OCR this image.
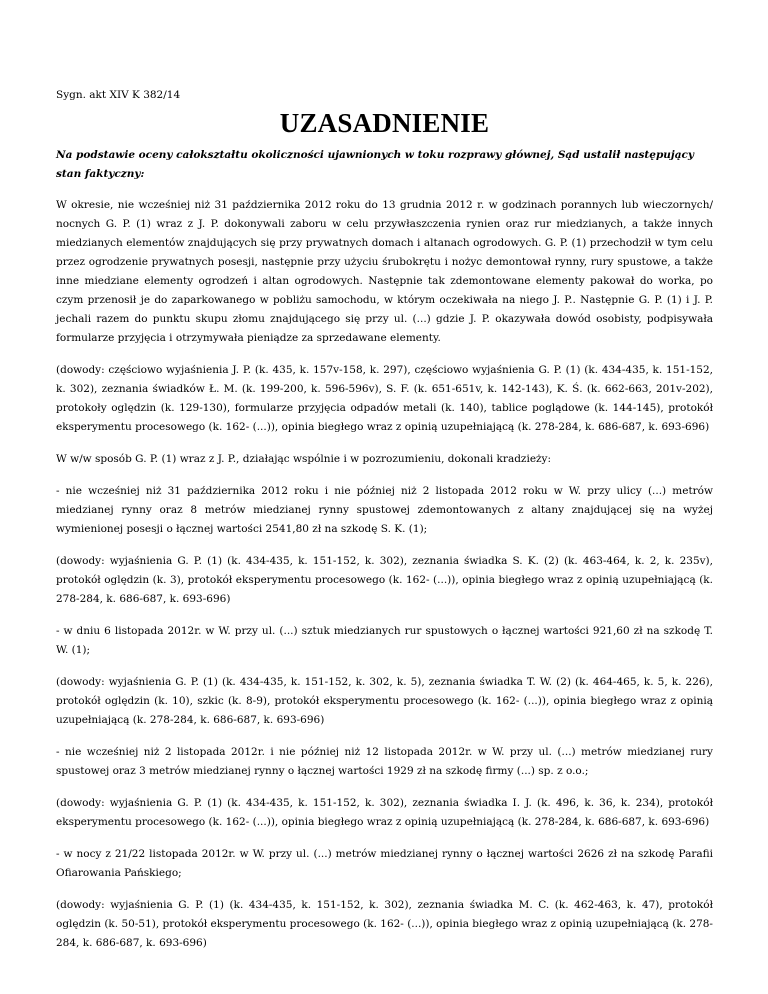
Sygn. akt XIV K 382/14

UZASADNIENIE

Na podstawie oceny całokształtu okoliczności ujawnionych w toku rozprawy głównej, Sąd ustalił następujący stan faktyczny:

W okresie, nie wcześniej niż 31 października 2012 roku do 13 grudnia 2012 r. w godzinach porannych lub wieczornych/ nocnych G. P. (1) wraz z J. P. dokonywali zaboru w celu przywłaszczenia rynien oraz rur miedzianych, a także innych miedzianych elementów znajdujących się przy prywatnych domach i altanach ogrodowych. G. P. (1) przechodził w tym celu przez ogrodzenie prywatnych posesji, następnie przy użyciu śrubokrętu i nożyc demontował rynny, rury spustowe, a także inne miedziane elementy ogrodzeń i altan ogrodowych. Następnie tak zdemontowane elementy pakował do worka, po czym przenosił je do zaparkowanego w pobliżu samochodu, w którym oczekiwała na niego J. P.. Następnie G. P. (1) i J. P. jechali razem do punktu skupu złomu znajdującego się przy ul. (...) gdzie J. P. okazywała dowód osobisty, podpisywała formularze przyjęcia i otrzymywała pieniądze za sprzedawane elementy.

(dowody: częściowo wyjaśnienia J. P. (k. 435, k. 157v-158, k. 297), częściowo wyjaśnienia G. P. (1) (k. 434-435, k. 151-152, k. 302), zeznania świadków Ł. M. (k. 199-200, k. 596-596v), S. F. (k. 651-651v, k. 142-143), K. Ś. (k. 662-663, 201v-202), protokoły oględzin (k. 129-130), formularze przyjęcia odpadów metali (k. 140), tablice poglądowe (k. 144-145), protokół eksperymentu procesowego (k. 162- (...)), opinia biegłego wraz z opinią uzupełniającą (k. 278-284, k. 686-687, k. 693-696)

W w/w sposób G. P. (1) wraz z J. P., działając wspólnie i w pozrozumieniu, dokonali kradzieży:

- nie wcześniej niż 31 października 2012 roku i nie później niż 2 listopada 2012 roku w W. przy ulicy (...) metrów miedzianej rynny oraz 8 metrów miedzianej rynny spustowej zdemontowanych z altany znajdującej się na wyżej wymienionej posesji o łącznej wartości 2541,80 zł na szkodę S. K. (1);

(dowody: wyjaśnienia G. P. (1) (k. 434-435, k. 151-152, k. 302), zeznania świadka S. K. (2) (k. 463-464, k. 2, k. 235v), protokół oględzin (k. 3), protokół eksperymentu procesowego (k. 162- (...)), opinia biegłego wraz z opinią uzupełniającą (k. 278-284, k. 686-687, k. 693-696)

- w dniu 6 listopada 2012r. w W. przy ul. (...) sztuk miedzianych rur spustowych o łącznej wartości 921,60 zł na szkodę T. W. (1);

(dowody: wyjaśnienia G. P. (1) (k. 434-435, k. 151-152, k. 302, k. 5), zeznania świadka T. W. (2) (k. 464-465, k. 5, k. 226), protokół oględzin (k. 10), szkic (k. 8-9), protokół eksperymentu procesowego (k. 162- (...)), opinia biegłego wraz z opinią uzupełniającą (k. 278-284, k. 686-687, k. 693-696)

- nie wcześniej niż 2 listopada 2012r. i nie później niż 12 listopada 2012r. w W. przy ul. (...) metrów miedzianej rury spustowej oraz 3 metrów miedzianej rynny o łącznej wartości 1929 zł na szkodę firmy (...) sp. z o.o.;

(dowody: wyjaśnienia G. P. (1) (k. 434-435, k. 151-152, k. 302), zeznania świadka I. J. (k. 496, k. 36, k. 234), protokół eksperymentu procesowego (k. 162- (...)), opinia biegłego wraz z opinią uzupełniającą (k. 278-284, k. 686-687, k. 693-696)

- w nocy z 21/22 listopada 2012r. w W. przy ul. (...) metrów miedzianej rynny o łącznej wartości 2626 zł na szkodę Parafii Ofiarowania Pańskiego;

(dowody: wyjaśnienia G. P. (1) (k. 434-435, k. 151-152, k. 302), zeznania świadka M. C. (k. 462-463, k. 47), protokół oględzin (k. 50-51), protokół eksperymentu procesowego (k. 162- (...)), opinia biegłego wraz z opinią uzupełniającą (k. 278-284, k. 686-687, k. 693-696)
